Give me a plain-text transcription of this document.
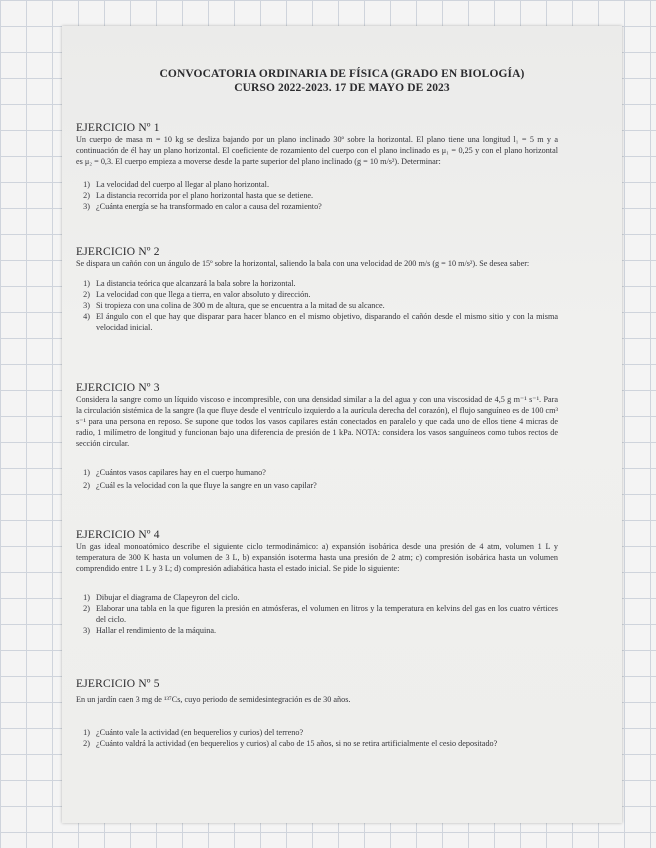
CONVOCATORIA ORDINARIA DE FÍSICA (GRADO EN BIOLOGÍA)
CURSO 2022-2023. 17 DE MAYO DE 2023
EJERCICIO Nº 1

Un cuerpo de masa m = 10 kg se desliza bajando por un plano inclinado 30º sobre la horizontal. El plano tiene una longitud l₁ = 5 m y a continuación de él hay un plano horizontal. El coeficiente de rozamiento del cuerpo con el plano inclinado es μ₁ = 0,25 y con el plano horizontal es μ₂ = 0,3. El cuerpo empieza a moverse desde la parte superior del plano inclinado (g = 10 m/s²). Determinar:

1) La velocidad del cuerpo al llegar al plano horizontal.
2) La distancia recorrida por el plano horizontal hasta que se detiene.
3) ¿Cuánta energía se ha transformado en calor a causa del rozamiento?
EJERCICIO Nº 2

Se dispara un cañón con un ángulo de 15º sobre la horizontal, saliendo la bala con una velocidad de 200 m/s (g = 10 m/s²). Se desea saber:

1) La distancia teórica que alcanzará la bala sobre la horizontal.
2) La velocidad con que llega a tierra, en valor absoluto y dirección.
3) Si tropieza con una colina de 300 m de altura, que se encuentra a la mitad de su alcance.
4) El ángulo con el que hay que disparar para hacer blanco en el mismo objetivo, disparando el cañón desde el mismo sitio y con la misma velocidad inicial.
EJERCICIO Nº 3

Considera la sangre como un líquido viscoso e incompresible, con una densidad similar a la del agua y con una viscosidad de 4,5 g m⁻¹ s⁻¹. Para la circulación sistémica de la sangre (la que fluye desde el ventrículo izquierdo a la aurícula derecha del corazón), el flujo sanguíneo es de 100 cm³ s⁻¹ para una persona en reposo. Se supone que todos los vasos capilares están conectados en paralelo y que cada uno de ellos tiene 4 micras de radio, 1 milímetro de longitud y funcionan bajo una diferencia de presión de 1 kPa. NOTA: considera los vasos sanguíneos como tubos rectos de sección circular.

1) ¿Cuántos vasos capilares hay en el cuerpo humano?
2) ¿Cuál es la velocidad con la que fluye la sangre en un vaso capilar?
EJERCICIO Nº 4

Un gas ideal monoatómico describe el siguiente ciclo termodinámico: a) expansión isobárica desde una presión de 4 atm, volumen 1 L y temperatura de 300 K hasta un volumen de 3 L, b) expansión isoterma hasta una presión de 2 atm; c) compresión isobárica hasta un volumen comprendido entre 1 L y 3 L; d) compresión adiabática hasta el estado inicial. Se pide lo siguiente:

1) Dibujar el diagrama de Clapeyron del ciclo.
2) Elaborar una tabla en la que figuren la presión en atmósferas, el volumen en litros y la temperatura en kelvins del gas en los cuatro vértices del ciclo.
3) Hallar el rendimiento de la máquina.
EJERCICIO Nº 5

En un jardín caen 3 mg de ¹³⁷Cs, cuyo periodo de semidesintegración es de 30 años.

1) ¿Cuánto vale la actividad (en bequerelios y curios) del terreno?
2) ¿Cuánto valdrá la actividad (en bequerelios y curios) al cabo de 15 años, si no se retira artificialmente el cesio depositado?
